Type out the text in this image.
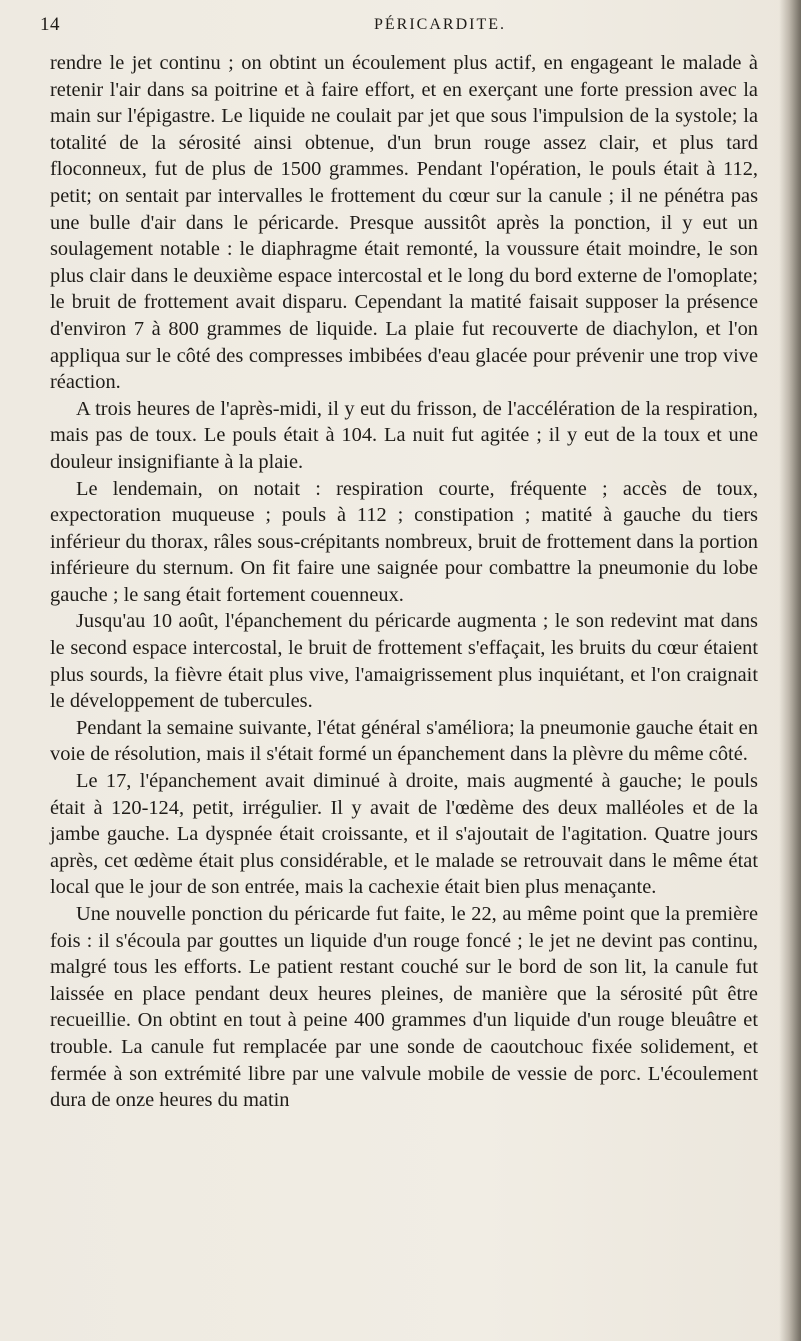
14	PÉRICARDITE.

rendre le jet continu ; on obtint un écoulement plus actif, en engageant le malade à retenir l'air dans sa poitrine et à faire effort, et en exerçant une forte pression avec la main sur l'épigastre. Le liquide ne coulait par jet que sous l'impulsion de la systole; la totalité de la sérosité ainsi obtenue, d'un brun rouge assez clair, et plus tard floconneux, fut de plus de 1500 grammes. Pendant l'opération, le pouls était à 112, petit; on sentait par intervalles le frottement du cœur sur la canule ; il ne pénétra pas une bulle d'air dans le péricarde. Presque aussitôt après la ponction, il y eut un soulagement notable : le diaphragme était remonté, la voussure était moindre, le son plus clair dans le deuxième espace intercostal et le long du bord externe de l'omoplate; le bruit de frottement avait disparu. Cependant la matité faisait supposer la présence d'environ 7 à 800 grammes de liquide. La plaie fut recouverte de diachylon, et l'on appliqua sur le côté des compresses imbibées d'eau glacée pour prévenir une trop vive réaction.

A trois heures de l'après-midi, il y eut du frisson, de l'accélération de la respiration, mais pas de toux. Le pouls était à 104. La nuit fut agitée ; il y eut de la toux et une douleur insignifiante à la plaie.

Le lendemain, on notait : respiration courte, fréquente ; accès de toux, expectoration muqueuse ; pouls à 112 ; constipation ; matité à gauche du tiers inférieur du thorax, râles sous-crépitants nombreux, bruit de frottement dans la portion inférieure du sternum. On fit faire une saignée pour combattre la pneumonie du lobe gauche ; le sang était fortement couenneux.

Jusqu'au 10 août, l'épanchement du péricarde augmenta ; le son redevint mat dans le second espace intercostal, le bruit de frottement s'effaçait, les bruits du cœur étaient plus sourds, la fièvre était plus vive, l'amaigrissement plus inquiétant, et l'on craignait le développement de tubercules.

Pendant la semaine suivante, l'état général s'améliora; la pneumonie gauche était en voie de résolution, mais il s'était formé un épanchement dans la plèvre du même côté.

Le 17, l'épanchement avait diminué à droite, mais augmenté à gauche; le pouls était à 120-124, petit, irrégulier. Il y avait de l'œdème des deux malléoles et de la jambe gauche. La dyspnée était croissante, et il s'ajoutait de l'agitation. Quatre jours après, cet œdème était plus considérable, et le malade se retrouvait dans le même état local que le jour de son entrée, mais la cachexie était bien plus menaçante.

Une nouvelle ponction du péricarde fut faite, le 22, au même point que la première fois : il s'écoula par gouttes un liquide d'un rouge foncé ; le jet ne devint pas continu, malgré tous les efforts. Le patient restant couché sur le bord de son lit, la canule fut laissée en place pendant deux heures pleines, de manière que la sérosité pût être recueillie. On obtint en tout à peine 400 grammes d'un liquide d'un rouge bleuâtre et trouble. La canule fut remplacée par une sonde de caoutchouc fixée solidement, et fermée à son extrémité libre par une valvule mobile de vessie de porc. L'écoulement dura de onze heures du matin
